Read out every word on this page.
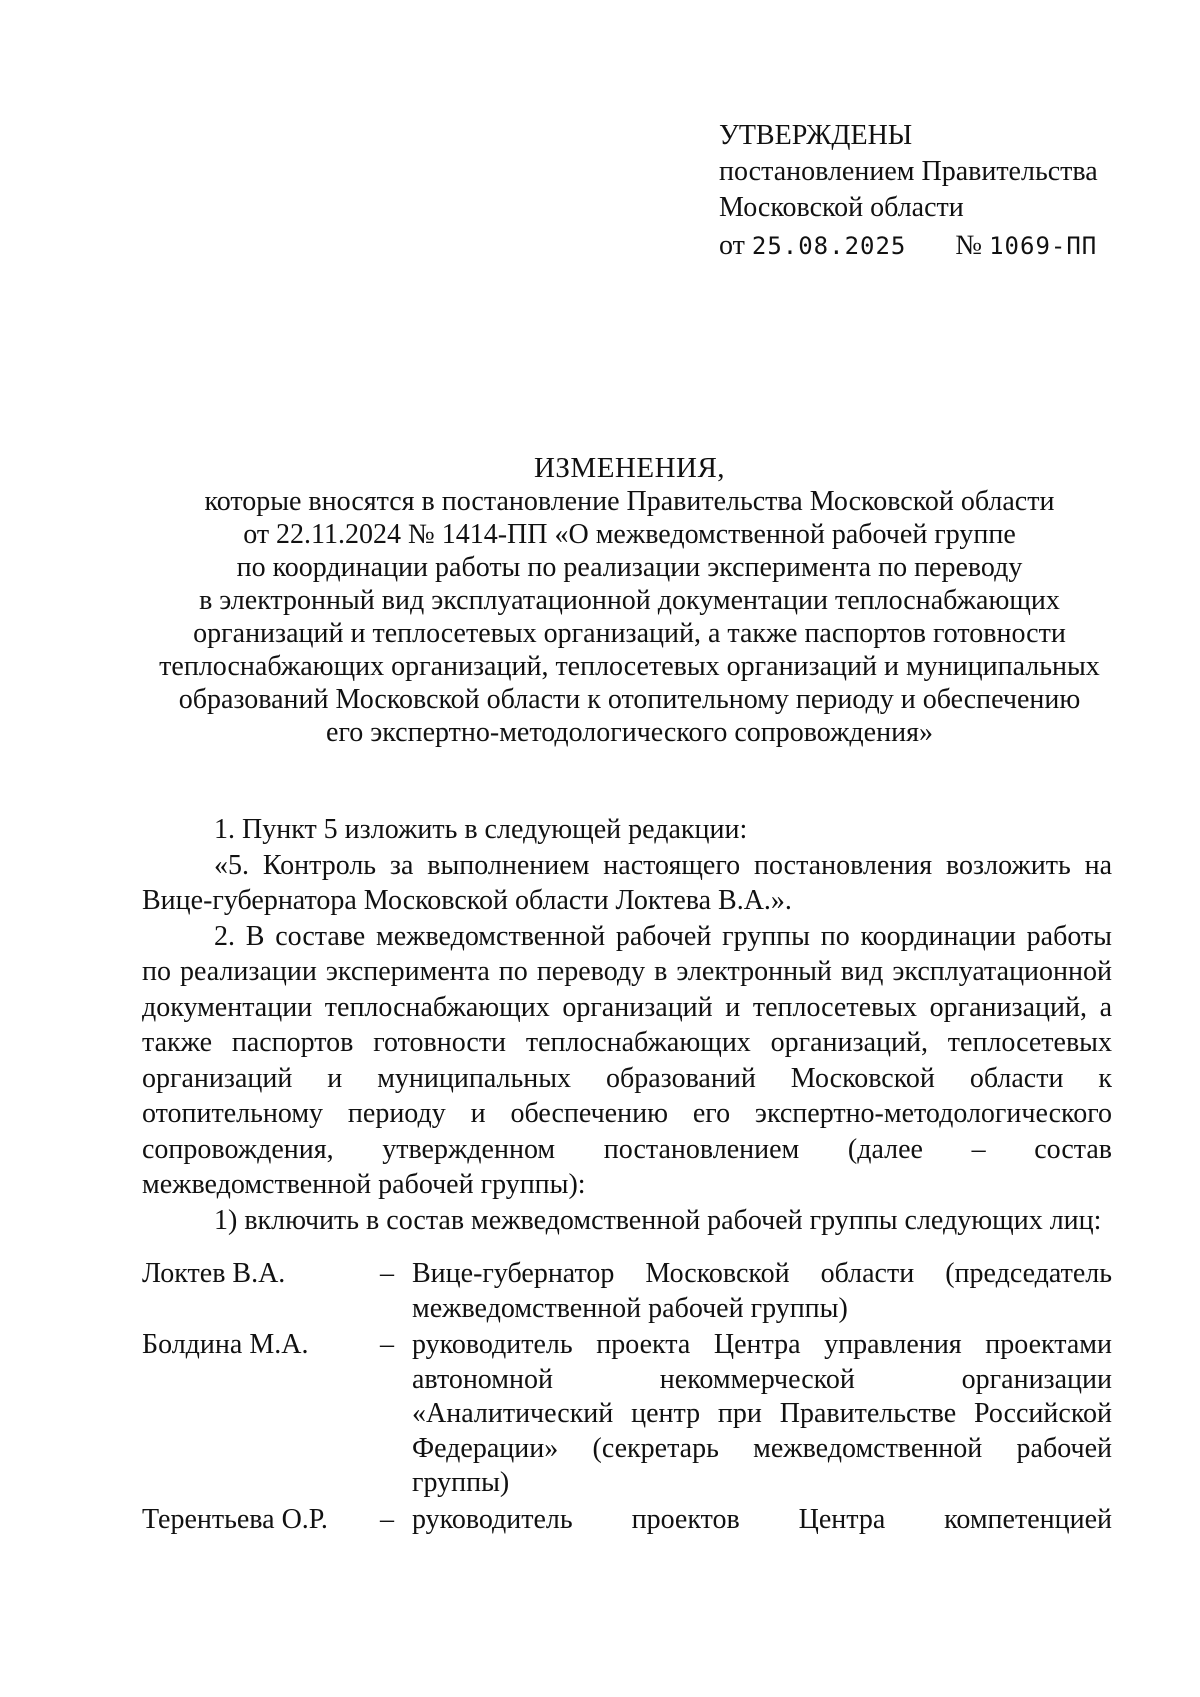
УТВЕРЖДЕНЫ
постановлением Правительства
Московской области
от 25.08.2025 № 1069-ПП
ИЗМЕНЕНИЯ,
которые вносятся в постановление Правительства Московской области
от 22.11.2024 № 1414-ПП «О межведомственной рабочей группе
по координации работы по реализации эксперимента по переводу
в электронный вид эксплуатационной документации теплоснабжающих
организаций и теплосетевых организаций, а также паспортов готовности
теплоснабжающих организаций, теплосетевых организаций и муниципальных
образований Московской области к отопительному периоду и обеспечению
его экспертно-методологического сопровождения»

1. Пункт 5 изложить в следующей редакции:

«5. Контроль за выполнением настоящего постановления возложить на Вице-губернатора Московской области Локтева В.А.».

2. В составе межведомственной рабочей группы по координации работы по реализации эксперимента по переводу в электронный вид эксплуатационной документации теплоснабжающих организаций и теплосетевых организаций, а также паспортов готовности теплоснабжающих организаций, теплосетевых организаций и муниципальных образований Московской области к отопительному периоду и обеспечению его экспертно-методологического сопровождения, утвержденном постановлением (далее – состав межведомственной рабочей группы):

1) включить в состав межведомственной рабочей группы следующих лиц:

Локтев В.А.	– Вице-губернатор Московской области (председатель межведомственной рабочей группы)
Болдина М.А.	– руководитель проекта Центра управления проектами автономной некоммерческой организации «Аналитический центр при Правительстве Российской Федерации» (секретарь межведомственной рабочей группы)
Терентьева О.Р.	– руководитель проектов Центра компетенцией
